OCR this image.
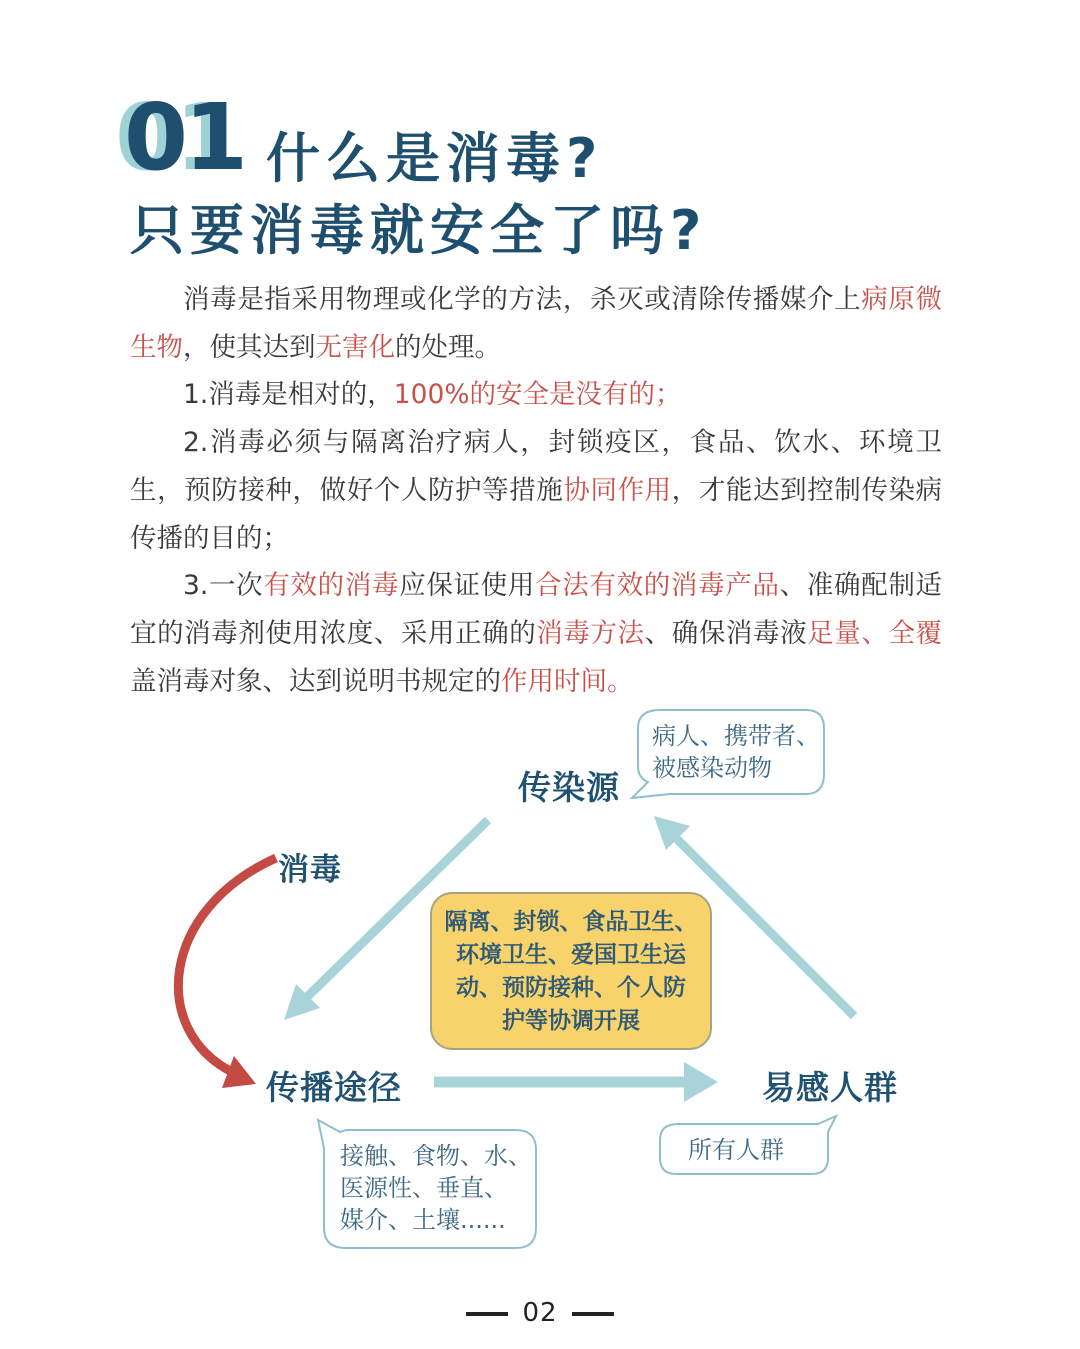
01 什么是消毒?
只要消毒就安全了吗?

消毒是指采用物理或化学的方法，杀灭或清除传播媒介上病原微生物，使其达到无害化的处理。

1.消毒是相对的，100%的安全是没有的；

2.消毒必须与隔离治疗病人，封锁疫区，食品、饮水、环境卫生，预防接种，做好个人防护等措施协同作用，才能达到控制传染病传播的目的；

3.一次有效的消毒应保证使用合法有效的消毒产品、准确配制适宜的消毒剂使用浓度、采用正确的消毒方法、确保消毒液足量、全覆盖消毒对象、达到说明书规定的作用时间。

传染源
传播途径	易感人群
消毒
病人、携带者、
被感染动物
接触、食物、水、
医源性、垂直、
媒介、土壤......
所有人群
隔离、封锁、食品卫生、
环境卫生、爱国卫生运
动、预防接种、个人防
护等协调开展
02
